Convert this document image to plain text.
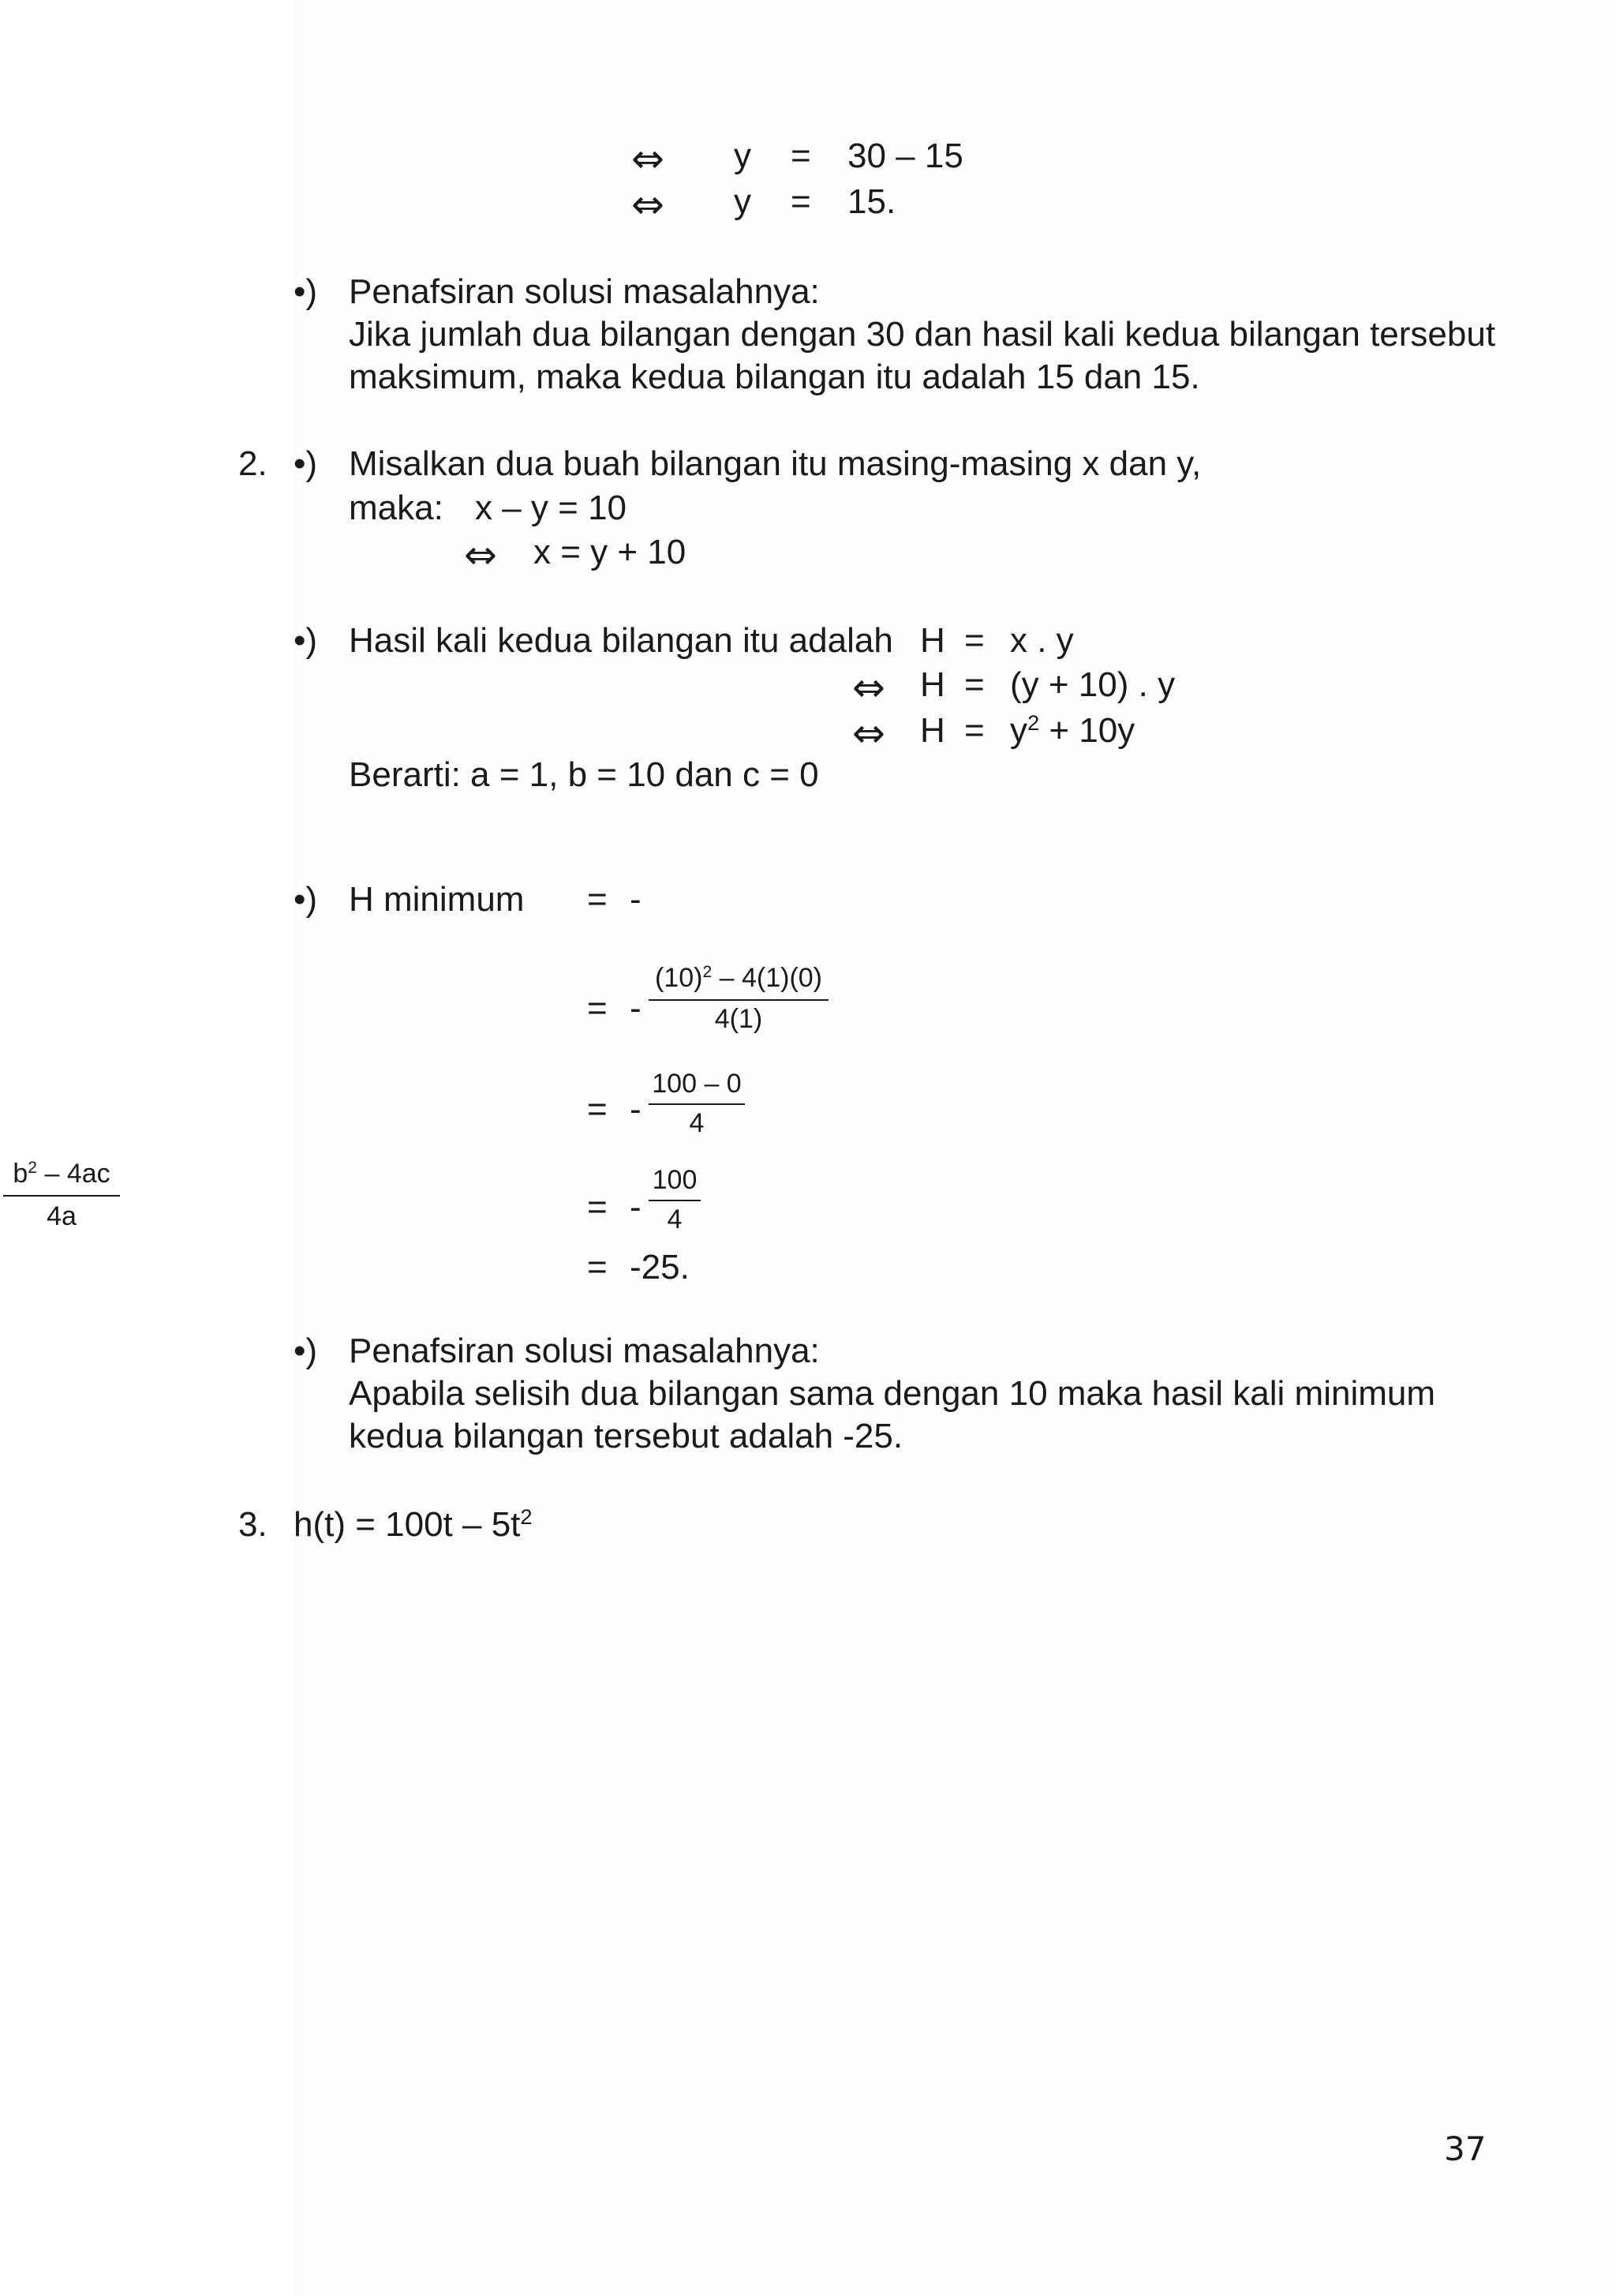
⇔ y = 30 – 15
⇔ y = 15.
•) Penafsiran solusi masalahnya:
Jika jumlah dua bilangan dengan 30 dan hasil kali kedua bilangan tersebut
maksimum, maka kedua bilangan itu adalah 15 dan 15.
2. •) Misalkan dua buah bilangan itu masing-masing x dan y,
maka: x – y = 10
⇔ x = y + 10
•) Hasil kali kedua bilangan itu adalah H = x . y
⇔ H = (y + 10) . y
⇔ $H = y^2 + 10y$
Berarti: a = 1, b = 10 dan c = 0
•) H minimum = -
= -
$(10)^2 - 4(1)(0)$
4(1)
= -
100 – 0
4
= -
100
4
= -25.
$b^2 - 4ac$
4a
•) Penafsiran solusi masalahnya:
Apabila selisih dua bilangan sama dengan 10 maka hasil kali minimum
kedua bilangan tersebut adalah -25.
3. $h(t) = 100t - 5t^2$
37
